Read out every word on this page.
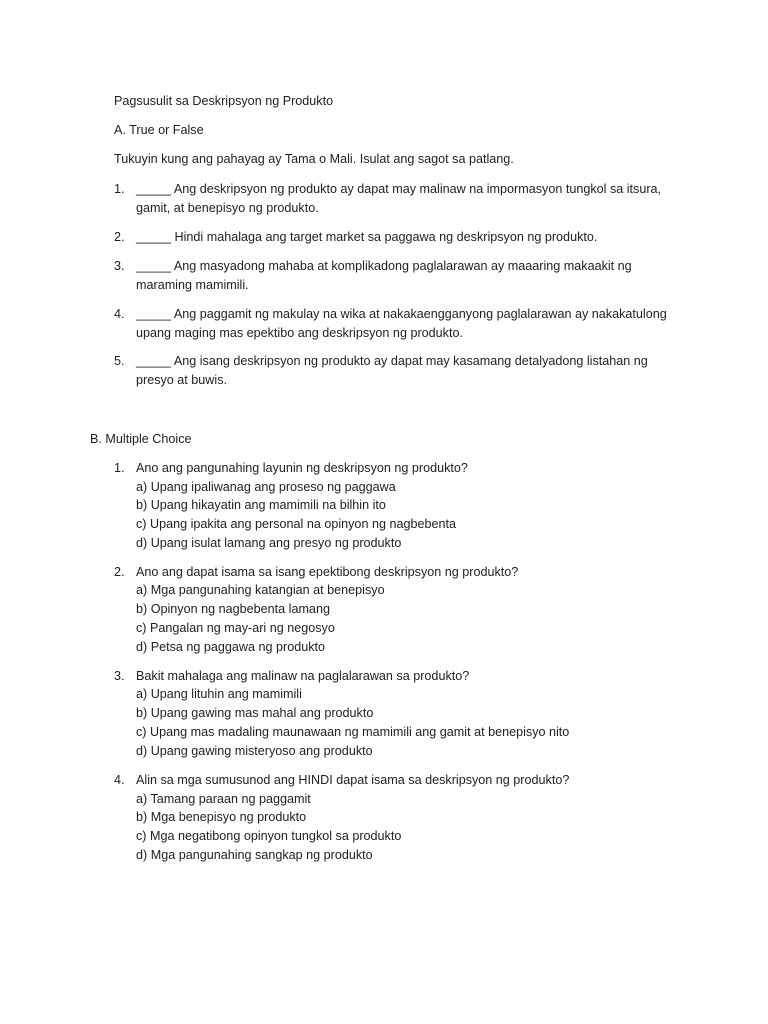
Pagsusulit sa Deskripsyon ng Produkto
A. True or False
Tukuyin kung ang pahayag ay Tama o Mali. Isulat ang sagot sa patlang.
1. _____ Ang deskripsyon ng produkto ay dapat may malinaw na impormasyon tungkol sa itsura,
gamit, at benepisyo ng produkto.
2. _____ Hindi mahalaga ang target market sa paggawa ng deskripsyon ng produkto.
3. _____ Ang masyadong mahaba at komplikadong paglalarawan ay maaaring makaakit ng
maraming mamimili.
4. _____ Ang paggamit ng makulay na wika at nakakaengganyong paglalarawan ay nakakatulong
upang maging mas epektibo ang deskripsyon ng produkto.
5. _____ Ang isang deskripsyon ng produkto ay dapat may kasamang detalyadong listahan ng
presyo at buwis.
B. Multiple Choice
1. Ano ang pangunahing layunin ng deskripsyon ng produkto?
a) Upang ipaliwanag ang proseso ng paggawa
b) Upang hikayatin ang mamimili na bilhin ito
c) Upang ipakita ang personal na opinyon ng nagbebenta
d) Upang isulat lamang ang presyo ng produkto
2. Ano ang dapat isama sa isang epektibong deskripsyon ng produkto?
a) Mga pangunahing katangian at benepisyo
b) Opinyon ng nagbebenta lamang
c) Pangalan ng may-ari ng negosyo
d) Petsa ng paggawa ng produkto
3. Bakit mahalaga ang malinaw na paglalarawan sa produkto?
a) Upang lituhin ang mamimili
b) Upang gawing mas mahal ang produkto
c) Upang mas madaling maunawaan ng mamimili ang gamit at benepisyo nito
d) Upang gawing misteryoso ang produkto
4. Alin sa mga sumusunod ang HINDI dapat isama sa deskripsyon ng produkto?
a) Tamang paraan ng paggamit
b) Mga benepisyo ng produkto
c) Mga negatibong opinyon tungkol sa produkto
d) Mga pangunahing sangkap ng produkto
